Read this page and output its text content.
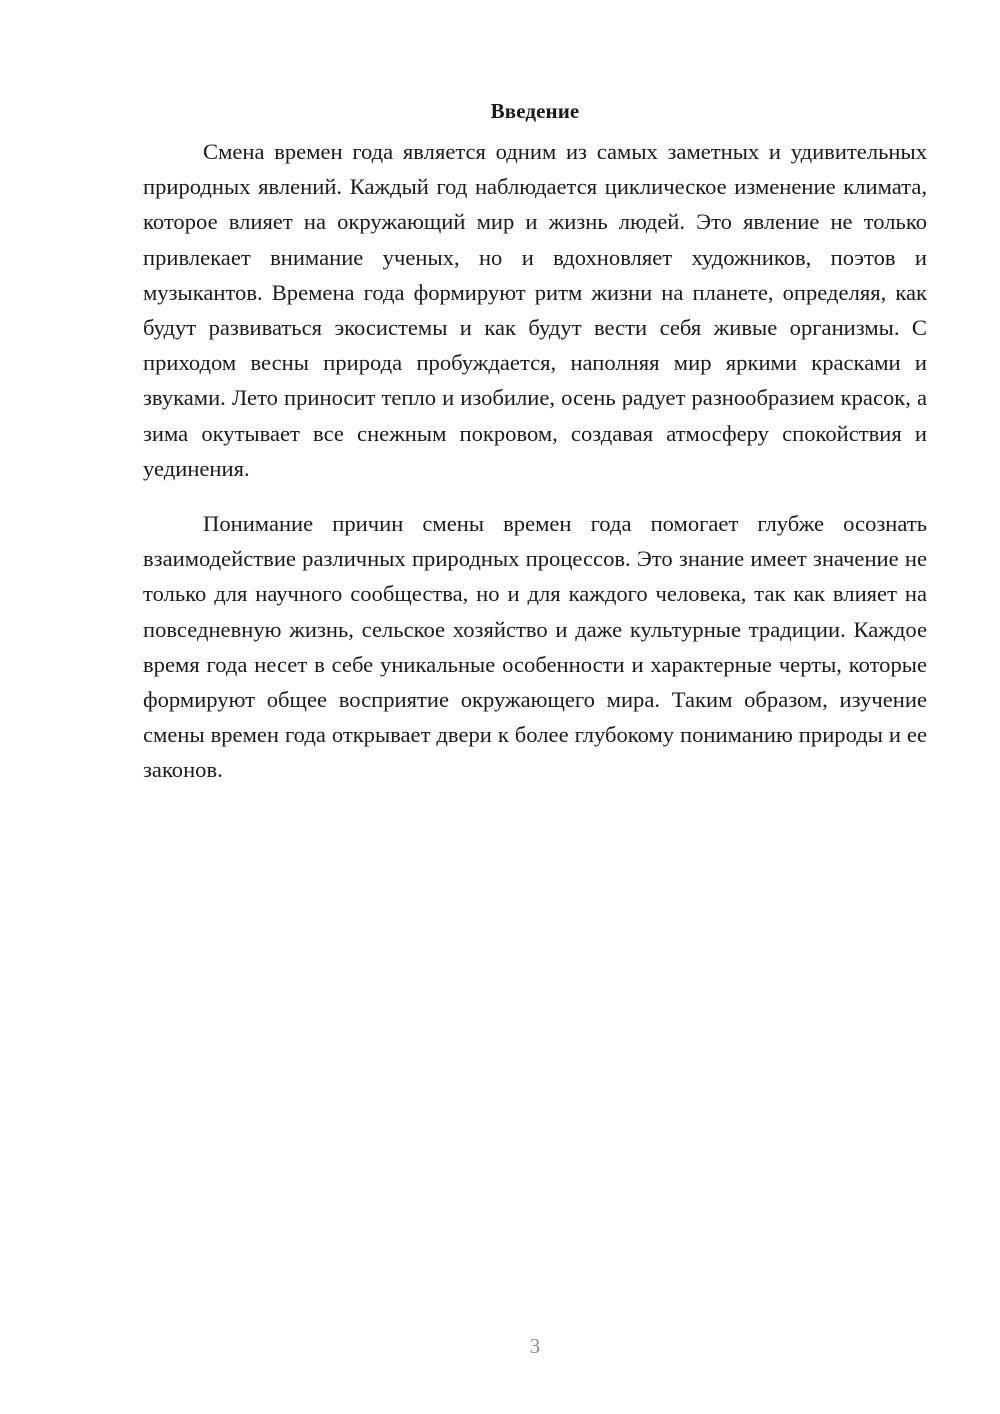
Введение

Смена времен года является одним из самых заметных и удивительных природных явлений. Каждый год наблюдается циклическое изменение климата, которое влияет на окружающий мир и жизнь людей. Это явление не только привлекает внимание ученых, но и вдохновляет художников, поэтов и музыкантов. Времена года формируют ритм жизни на планете, определяя, как будут развиваться экосистемы и как будут вести себя живые организмы. С приходом весны природа пробуждается, наполняя мир яркими красками и звуками. Лето приносит тепло и изобилие, осень радует разнообразием красок, а зима окутывает все снежным покровом, создавая атмосферу спокойствия и уединения.

Понимание причин смены времен года помогает глубже осознать взаимодействие различных природных процессов. Это знание имеет значение не только для научного сообщества, но и для каждого человека, так как влияет на повседневную жизнь, сельское хозяйство и даже культурные традиции. Каждое время года несет в себе уникальные особенности и характерные черты, которые формируют общее восприятие окружающего мира. Таким образом, изучение смены времен года открывает двери к более глубокому пониманию природы и ее законов.

3
